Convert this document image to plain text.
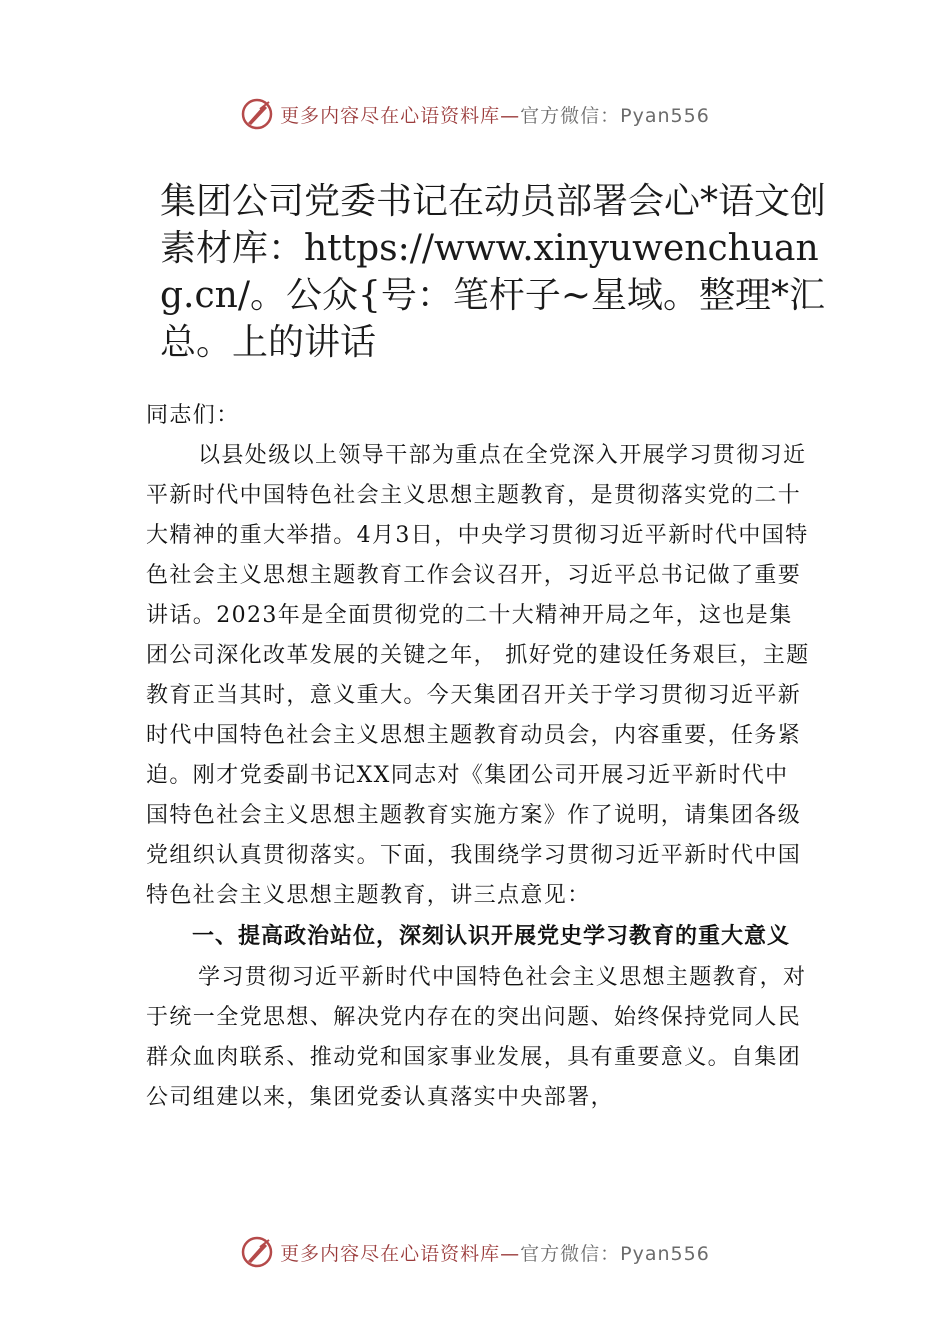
更多内容尽在心语资料库—官方微信：Pyan556
集团公司党委书记在动员部署会心*语文创素材库：https://www.xinyuwenchuang.cn/。公众{号：笔杆子~星域。整理*汇总。上的讲话

同志们：

以县处级以上领导干部为重点在全党深入开展学习贯彻习近平新时代中国特色社会主义思想主题教育，是贯彻落实党的二十大精神的重大举措。4月3日，中央学习贯彻习近平新时代中国特色社会主义思想主题教育工作会议召开，习近平总书记做了重要讲话。2023年是全面贯彻党的二十大精神开局之年，这也是集团公司深化改革发展的关键之年， 抓好党的建设任务艰巨，主题教育正当其时，意义重大。今天集团召开关于学习贯彻习近平新时代中国特色社会主义思想主题教育动员会，内容重要，任务紧迫。刚才党委副书记XX同志对《集团公司开展习近平新时代中国特色社会主义思想主题教育实施方案》作了说明，请集团各级党组织认真贯彻落实。下面，我围绕学习贯彻习近平新时代中国特色社会主义思想主题教育，讲三点意见：

一、提高政治站位，深刻认识开展党史学习教育的重大意义

学习贯彻习近平新时代中国特色社会主义思想主题教育，对于统一全党思想、解决党内存在的突出问题、始终保持党同人民群众血肉联系、推动党和国家事业发展，具有重要意义。自集团公司组建以来，集团党委认真落实中央部署，

更多内容尽在心语资料库—官方微信：Pyan556
